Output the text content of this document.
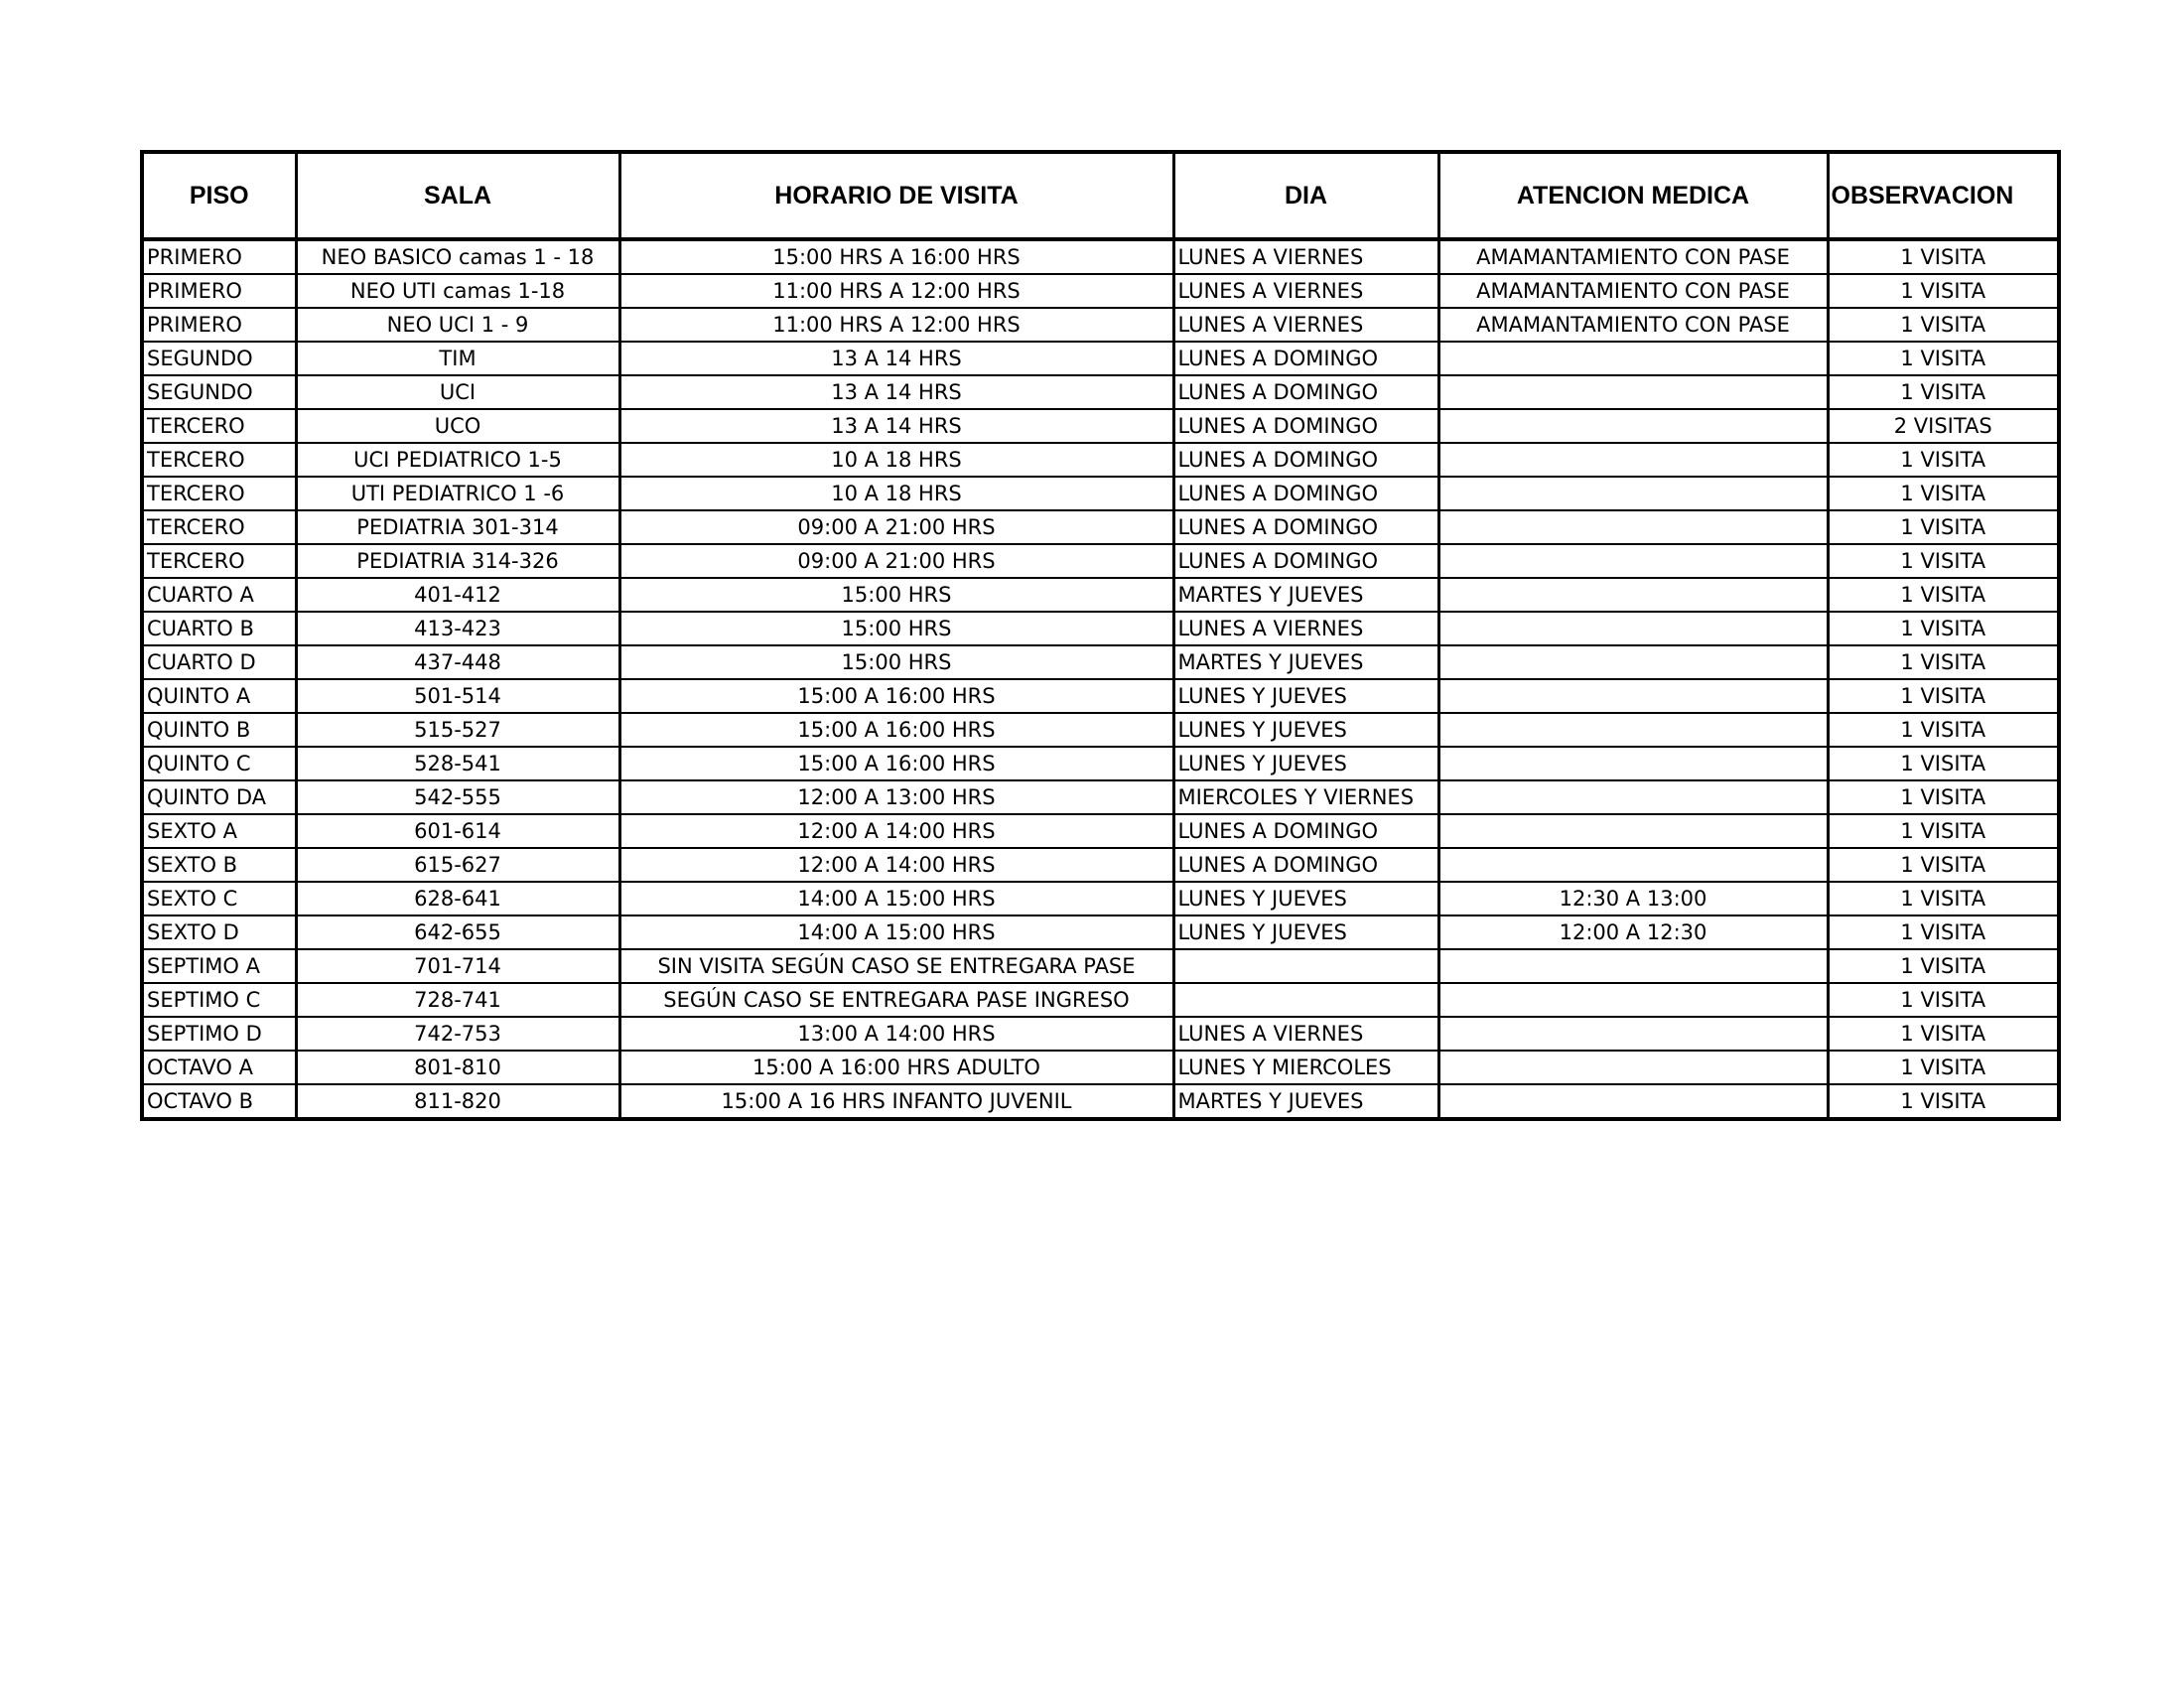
PISO	SALA	HORARIO DE VISITA	DIA	ATENCION MEDICA	OBSERVACION
PRIMERO	NEO BASICO camas 1 - 18	15:00 HRS A 16:00 HRS	LUNES A VIERNES	AMAMANTAMIENTO CON PASE	1 VISITA
PRIMERO	NEO UTI camas 1-18	11:00 HRS A 12:00 HRS	LUNES A VIERNES	AMAMANTAMIENTO CON PASE	1 VISITA
PRIMERO	NEO UCI 1 - 9	11:00 HRS A 12:00 HRS	LUNES A VIERNES	AMAMANTAMIENTO CON PASE	1 VISITA
SEGUNDO	TIM	13 A 14 HRS	LUNES A DOMINGO		1 VISITA
SEGUNDO	UCI	13 A 14 HRS	LUNES A DOMINGO		1 VISITA
TERCERO	UCO	13 A 14 HRS	LUNES A DOMINGO		2 VISITAS
TERCERO	UCI PEDIATRICO 1-5	10 A 18 HRS	LUNES A DOMINGO		1 VISITA
TERCERO	UTI PEDIATRICO 1 -6	10 A 18 HRS	LUNES A DOMINGO		1 VISITA
TERCERO	PEDIATRIA 301-314	09:00 A 21:00 HRS	LUNES A DOMINGO		1 VISITA
TERCERO	PEDIATRIA 314-326	09:00 A 21:00 HRS	LUNES A DOMINGO		1 VISITA
CUARTO A	401-412	15:00 HRS	MARTES Y JUEVES		1 VISITA
CUARTO B	413-423	15:00 HRS	LUNES A VIERNES		1 VISITA
CUARTO D	437-448	15:00 HRS	MARTES Y JUEVES		1 VISITA
QUINTO A	501-514	15:00 A 16:00 HRS	LUNES Y JUEVES		1 VISITA
QUINTO B	515-527	15:00 A 16:00 HRS	LUNES Y JUEVES		1 VISITA
QUINTO C	528-541	15:00 A 16:00 HRS	LUNES Y JUEVES		1 VISITA
QUINTO DA	542-555	12:00 A 13:00 HRS	MIERCOLES Y VIERNES		1 VISITA
SEXTO A	601-614	12:00 A 14:00 HRS	LUNES A DOMINGO		1 VISITA
SEXTO B	615-627	12:00 A 14:00 HRS	LUNES A DOMINGO		1 VISITA
SEXTO C	628-641	14:00 A 15:00 HRS	LUNES Y JUEVES	12:30 A 13:00	1 VISITA
SEXTO D	642-655	14:00 A 15:00 HRS	LUNES Y JUEVES	12:00 A 12:30	1 VISITA
SEPTIMO A	701-714	SIN VISITA SEGÚN CASO SE ENTREGARA PASE			1 VISITA
SEPTIMO C	728-741	SEGÚN CASO SE ENTREGARA PASE INGRESO			1 VISITA
SEPTIMO D	742-753	13:00 A 14:00 HRS	LUNES A VIERNES		1 VISITA
OCTAVO A	801-810	15:00 A 16:00 HRS ADULTO	LUNES Y MIERCOLES		1 VISITA
OCTAVO B	811-820	15:00 A 16 HRS INFANTO JUVENIL	MARTES Y JUEVES		1 VISITA
